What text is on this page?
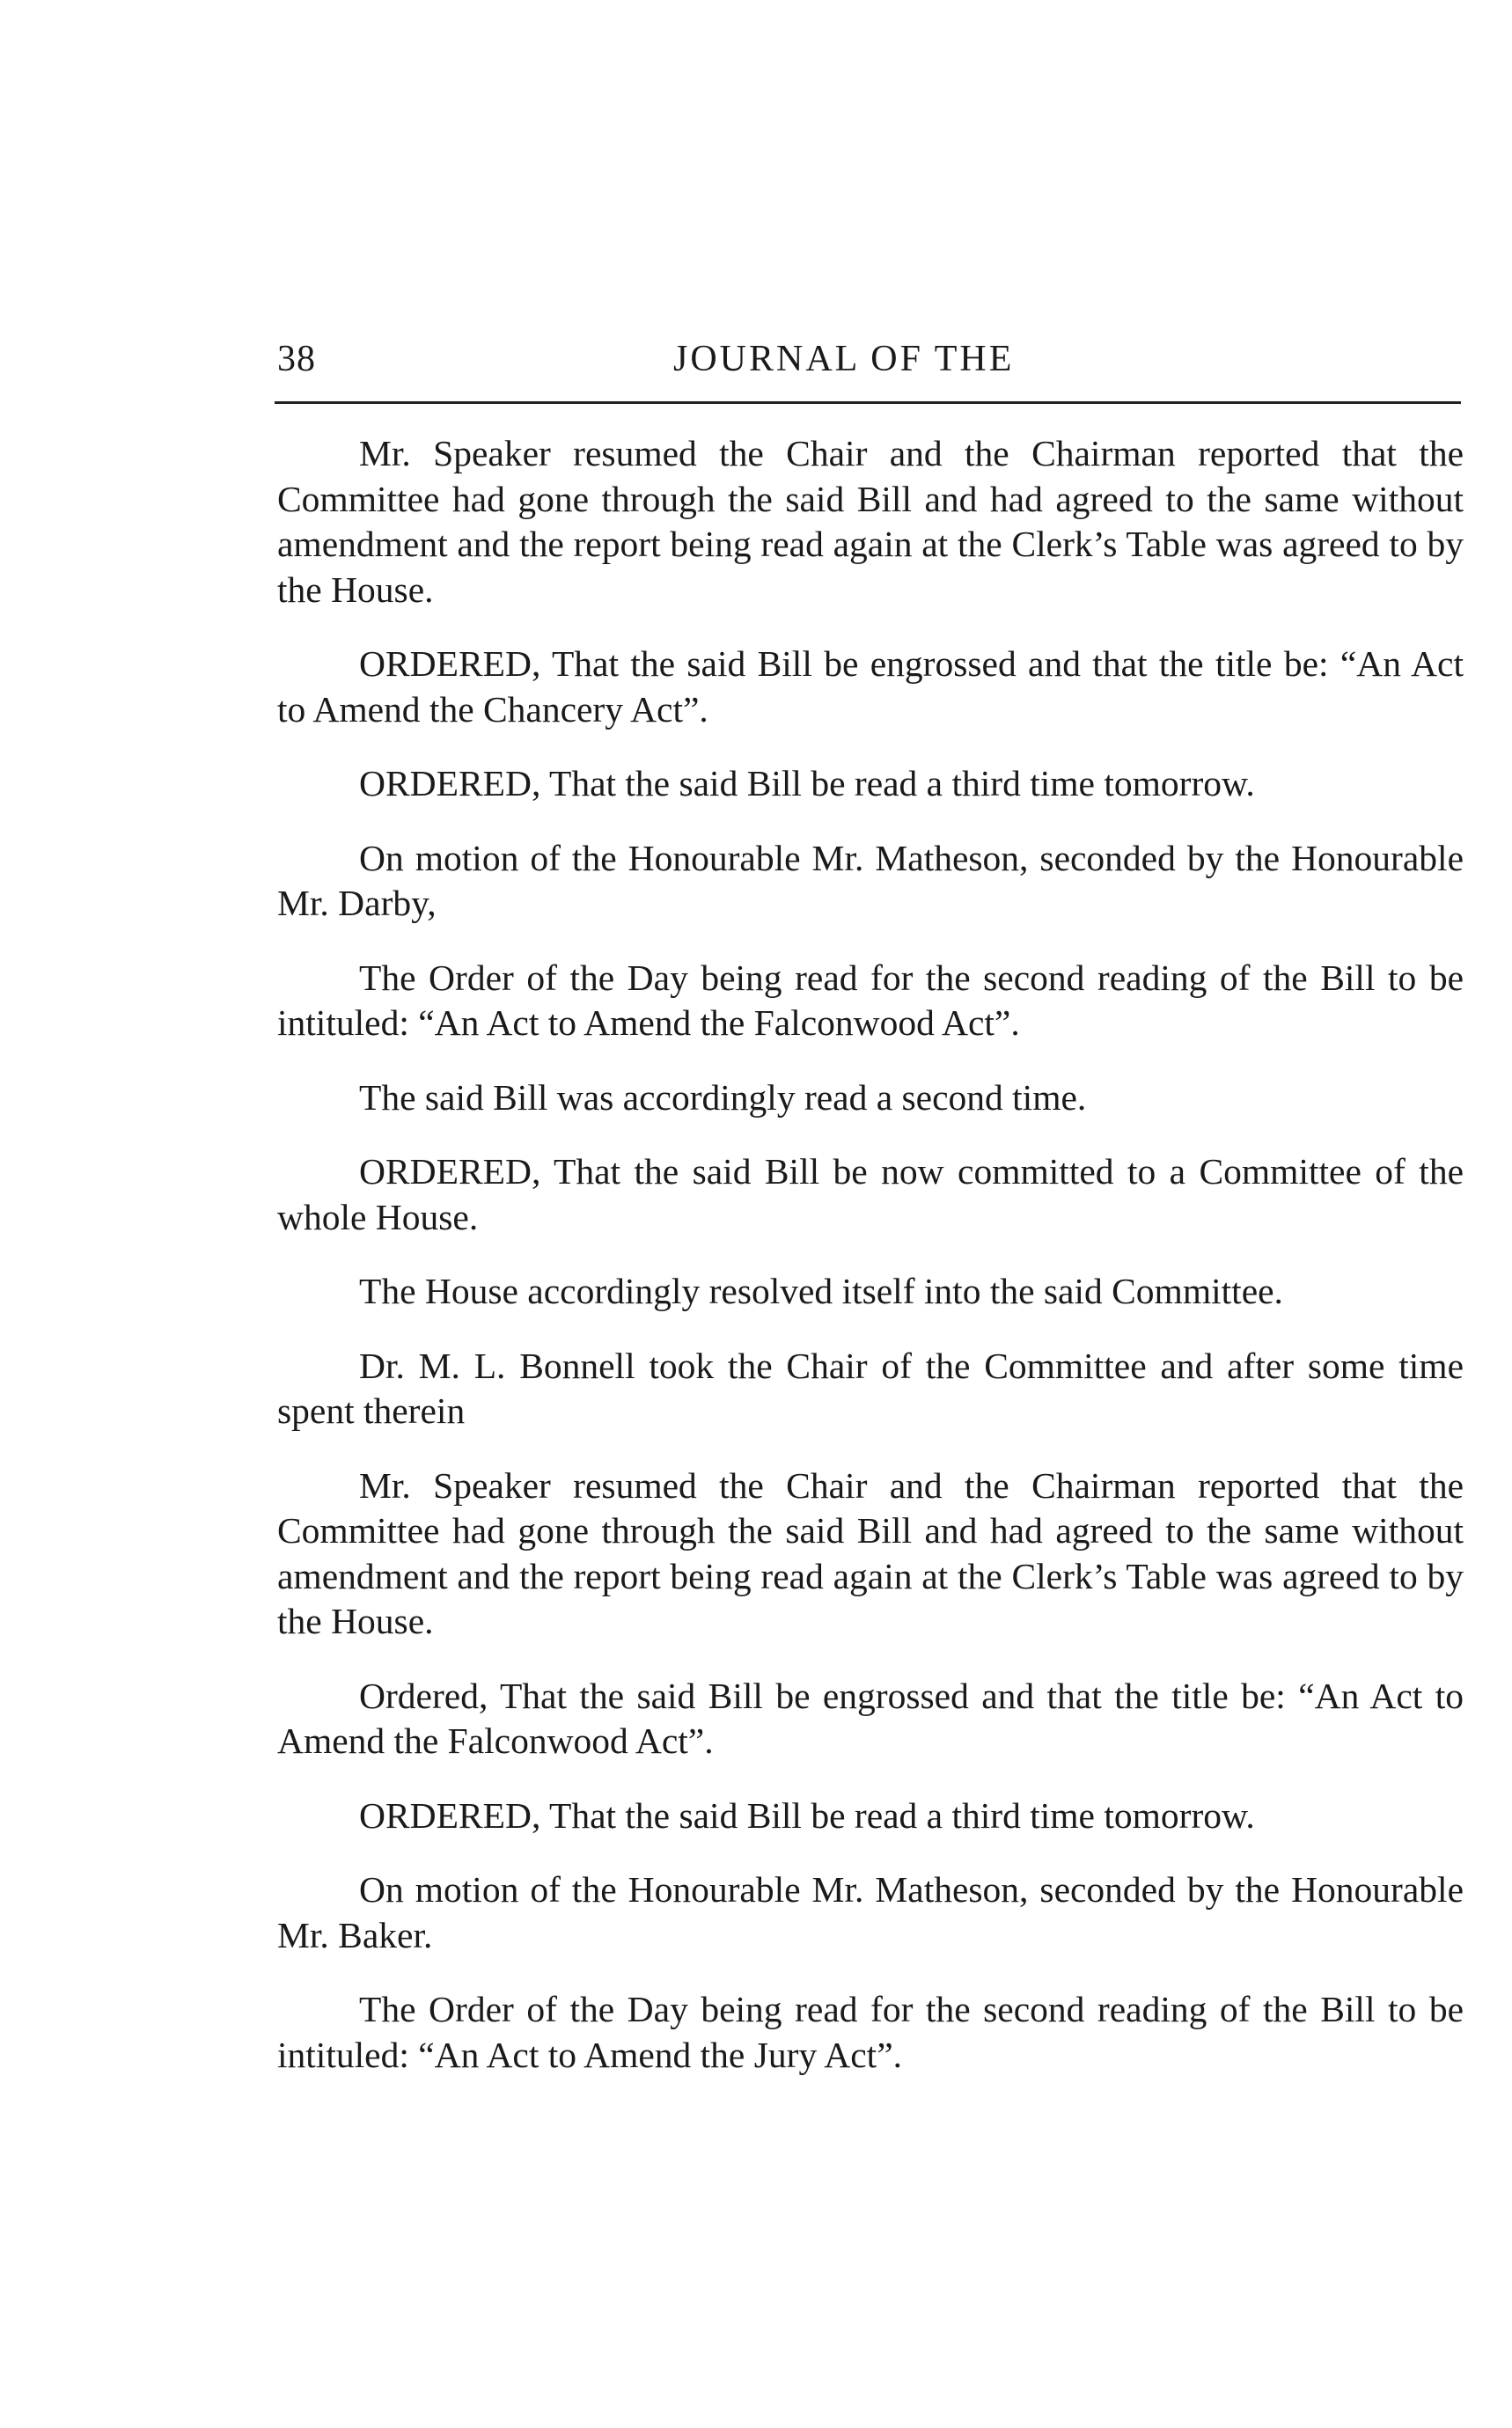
38	JOURNAL OF THE

Mr. Speaker resumed the Chair and the Chairman reported that the Committee had gone through the said Bill and had agreed to the same without amendment and the report being read again at the Clerk’s Table was agreed to by the House.

ORDERED, That the said Bill be engrossed and that the title be: “An Act to Amend the Chancery Act”.

ORDERED, That the said Bill be read a third time tomorrow.

On motion of the Honourable Mr. Matheson, seconded by the Honourable Mr. Darby,

The Order of the Day being read for the second reading of the Bill to be intituled: “An Act to Amend the Falconwood Act”.

The said Bill was accordingly read a second time.

ORDERED, That the said Bill be now committed to a Committee of the whole House.

The House accordingly resolved itself into the said Committee.

Dr. M. L. Bonnell took the Chair of the Committee and after some time spent therein

Mr. Speaker resumed the Chair and the Chairman reported that the Committee had gone through the said Bill and had agreed to the same without amendment and the report being read again at the Clerk’s Table was agreed to by the House.

Ordered, That the said Bill be engrossed and that the title be: “An Act to Amend the Falconwood Act”.

ORDERED, That the said Bill be read a third time tomorrow.

On motion of the Honourable Mr. Matheson, seconded by the Honourable Mr. Baker.

The Order of the Day being read for the second reading of the Bill to be intituled: “An Act to Amend the Jury Act”.
